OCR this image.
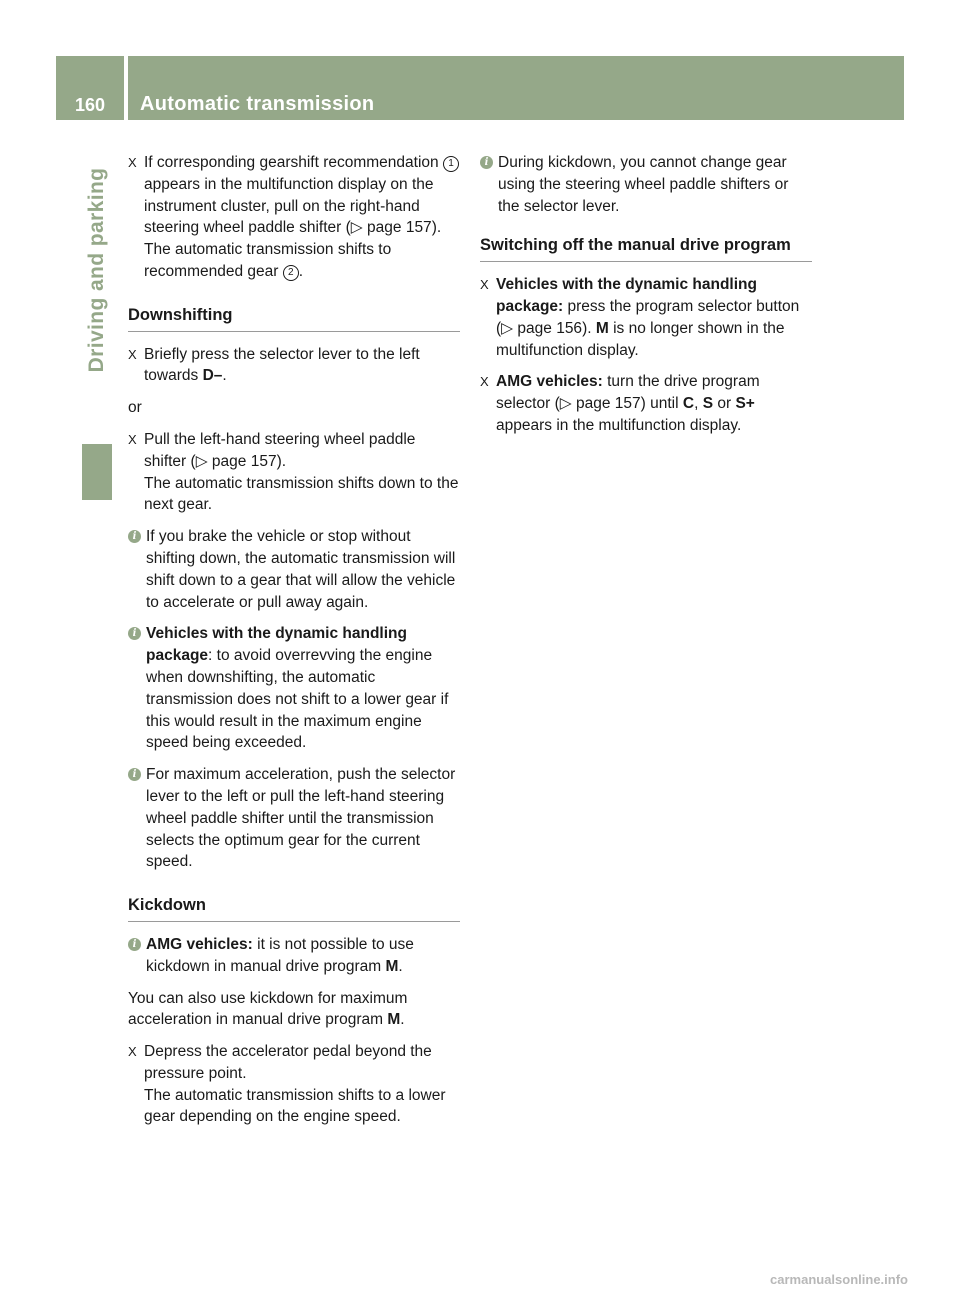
160	Automatic transmission
Driving and parking

X If corresponding gearshift recommendation 1 appears in the multifunction display on the instrument cluster, pull on the right-hand steering wheel paddle shifter (▷ page 157).
The automatic transmission shifts to recommended gear 2 .

Downshifting

X Briefly press the selector lever to the left towards D–.

or

X Pull the left-hand steering wheel paddle shifter (▷ page 157).
The automatic transmission shifts down to the next gear.

i If you brake the vehicle or stop without shifting down, the automatic transmission will shift down to a gear that will allow the vehicle to accelerate or pull away again.

i Vehicles with the dynamic handling package: to avoid overrevving the engine when downshifting, the automatic transmission does not shift to a lower gear if this would result in the maximum engine speed being exceeded.

i For maximum acceleration, push the selector lever to the left or pull the left-hand steering wheel paddle shifter until the transmission selects the optimum gear for the current speed.

Kickdown

i AMG vehicles: it is not possible to use kickdown in manual drive program M.

You can also use kickdown for maximum acceleration in manual drive program M.

X Depress the accelerator pedal beyond the pressure point.
The automatic transmission shifts to a lower gear depending on the engine speed.

i During kickdown, you cannot change gear using the steering wheel paddle shifters or the selector lever.

Switching off the manual drive program

X Vehicles with the dynamic handling package: press the program selector button (▷ page 156). M is no longer shown in the multifunction display.

X AMG vehicles: turn the drive program selector (▷ page 157) until C, S or S+ appears in the multifunction display.

carmanualsonline.info
